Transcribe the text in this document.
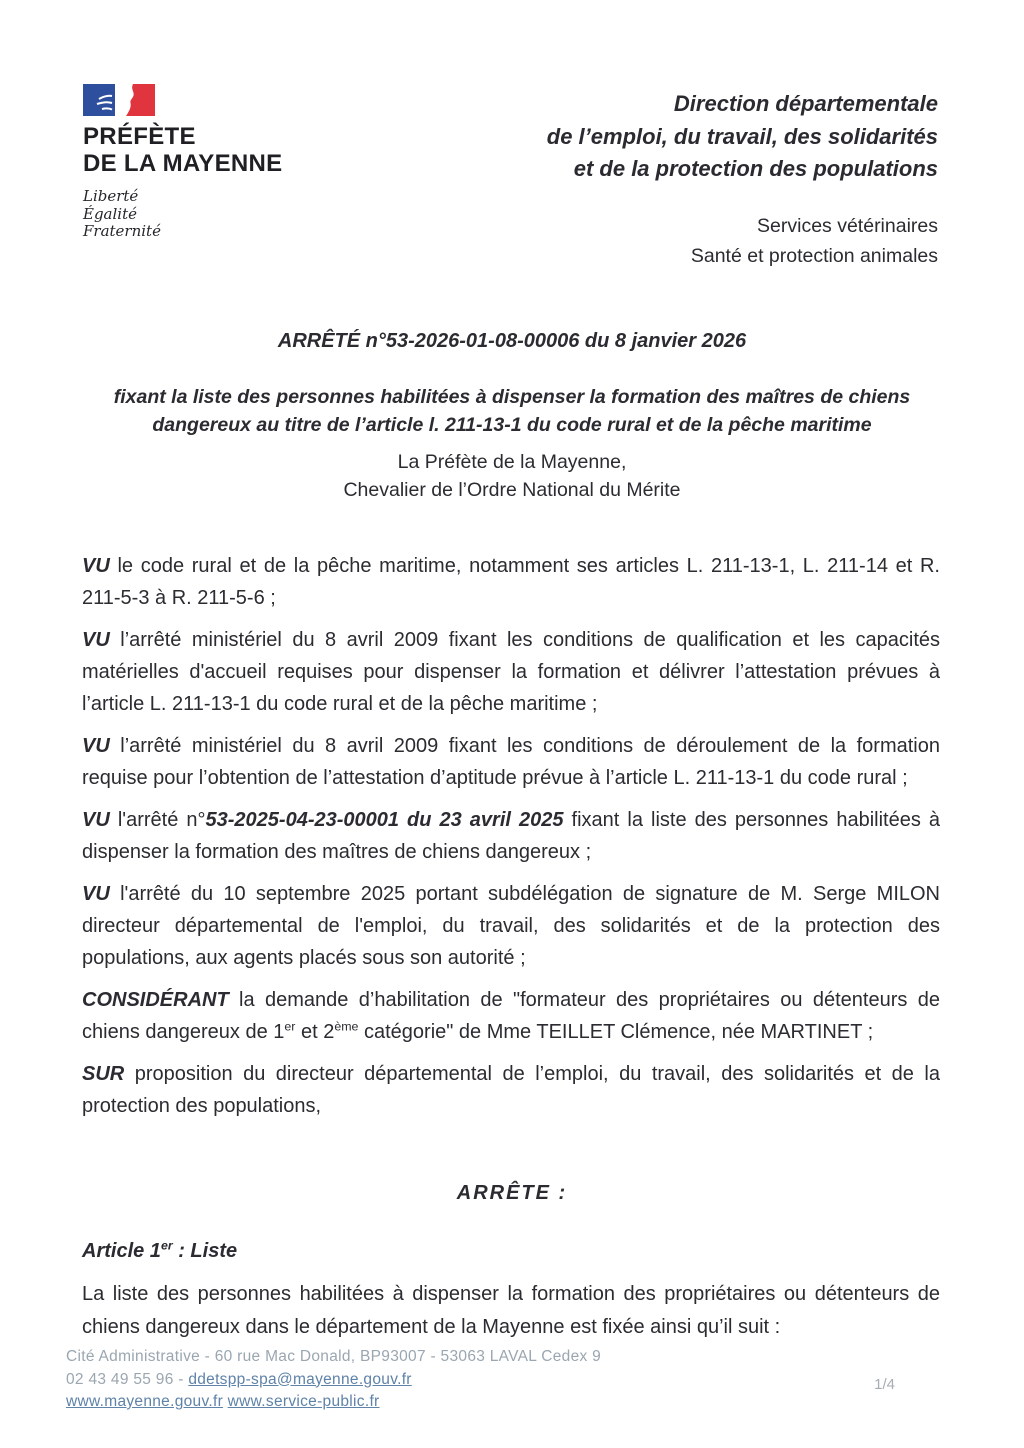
PRÉFÈTE
DE LA MAYENNE
Liberté
Égalité
Fraternité
Direction départementale
de l’emploi, du travail, des solidarités
et de la protection des populations
Services vétérinaires
Santé et protection animales
ARRÊTÉ n°53-2026-01-08-00006 du 8 janvier 2026
fixant la liste des personnes habilitées à dispenser la formation des maîtres de chiens
dangereux au titre de l’article l. 211-13-1 du code rural et de la pêche maritime
La Préfète de la Mayenne,
Chevalier de l’Ordre National du Mérite

VU le code rural et de la pêche maritime, notamment ses articles L. 211-13-1, L. 211-14 et R. 211-5-3 à R. 211-5-6 ;

VU l’arrêté ministériel du 8 avril 2009 fixant les conditions de qualification et les capacités matérielles d'accueil requises pour dispenser la formation et délivrer l’attestation prévues à l’article L. 211-13-1 du code rural et de la pêche maritime ;

VU l’arrêté ministériel du 8 avril 2009 fixant les conditions de déroulement de la formation requise pour l’obtention de l’attestation d’aptitude prévue à l’article L. 211-13-1 du code rural ;

VU l'arrêté n°53-2025-04-23-00001 du 23 avril 2025 fixant la liste des personnes habilitées à dispenser la formation des maîtres de chiens dangereux ;

VU l'arrêté du 10 septembre 2025 portant subdélégation de signature de M. Serge MILON directeur départemental de l'emploi, du travail, des solidarités et de la protection des populations, aux agents placés sous son autorité ;

CONSIDÉRANT la demande d’habilitation de "formateur des propriétaires ou détenteurs de chiens dangereux de 1er et 2ème catégorie" de Mme TEILLET Clémence, née MARTINET ;

SUR proposition du directeur départemental de l’emploi, du travail, des solidarités et de la protection des populations,

ARRÊTE :
Article 1er : Liste
La liste des personnes habilitées à dispenser la formation des propriétaires ou détenteurs de chiens dangereux dans le département de la Mayenne est fixée ainsi qu’il suit :
Cité Administrative - 60 rue Mac Donald, BP93007 - 53063 LAVAL Cedex 9
02 43 49 55 96 - ddetspp-spa@mayenne.gouv.fr
www.mayenne.gouv.fr www.service-public.fr
1/4
